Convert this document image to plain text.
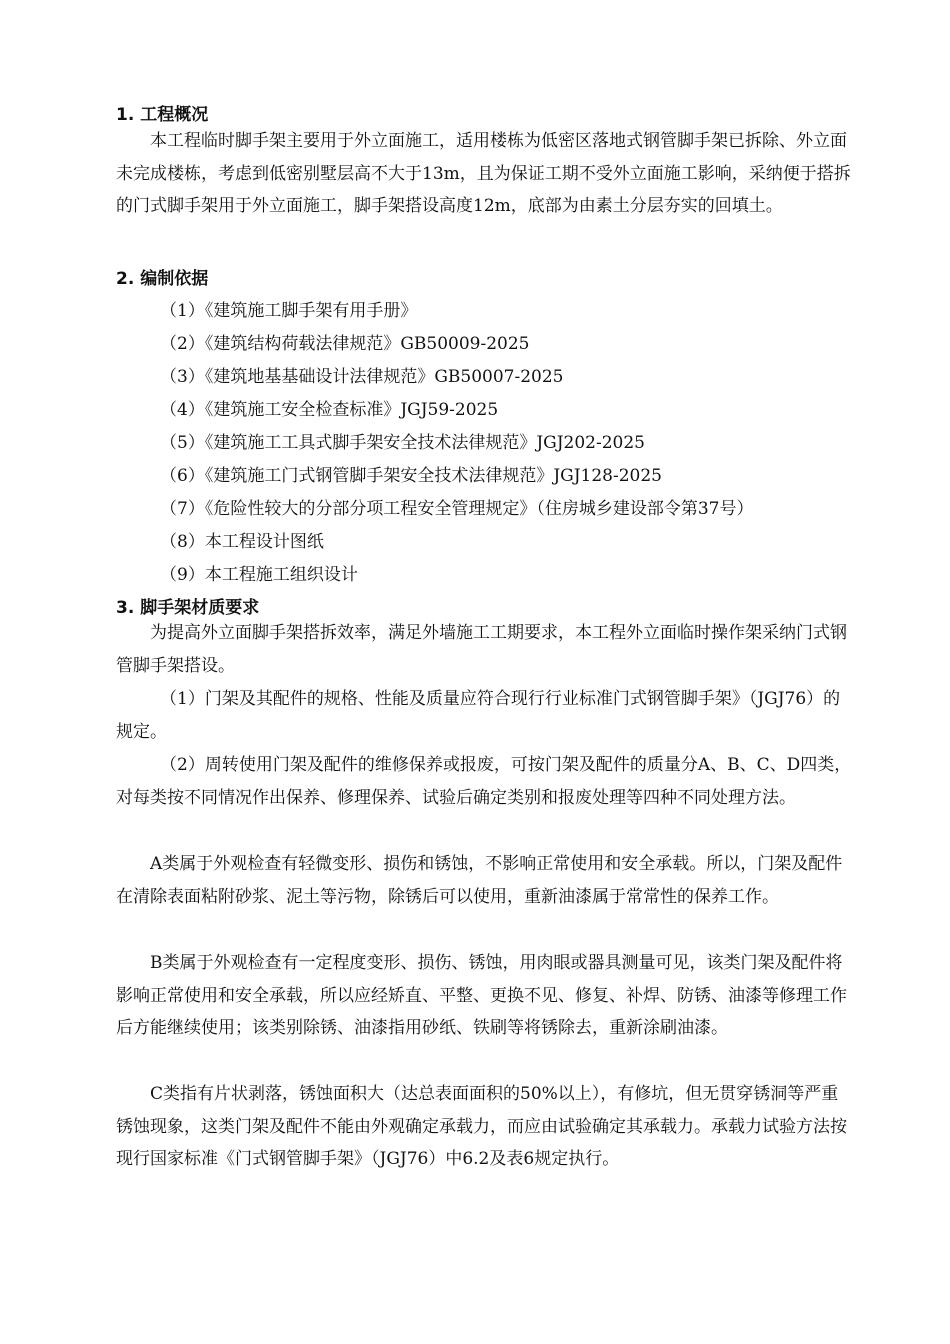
1. 工程概况

本工程临时脚手架主要用于外立面施工，适用楼栋为低密区落地式钢管脚手架已拆除、外立面未完成楼栋，考虑到低密别墅层高不大于13m，且为保证工期不受外立面施工影响，采纳便于搭拆的门式脚手架用于外立面施工，脚手架搭设高度12m，底部为由素土分层夯实的回填土。

2. 编制依据
（1）《建筑施工脚手架有用手册》
（2）《建筑结构荷载法律规范》GB50009-2025
（3）《建筑地基基础设计法律规范》GB50007-2025
（4）《建筑施工安全检查标准》JGJ59-2025
（5）《建筑施工工具式脚手架安全技术法律规范》JGJ202-2025
（6）《建筑施工门式钢管脚手架安全技术法律规范》JGJ128-2025
（7）《危险性较大的分部分项工程安全管理规定》（住房城乡建设部令第37号）
（8）本工程设计图纸
（9）本工程施工组织设计
3. 脚手架材质要求

为提高外立面脚手架搭拆效率，满足外墙施工工期要求，本工程外立面临时操作架采纳门式钢管脚手架搭设。

（1）门架及其配件的规格、性能及质量应符合现行行业标准门式钢管脚手架》（JGJ76）的规定。

（2）周转使用门架及配件的维修保养或报废，可按门架及配件的质量分A、B、C、D四类，对每类按不同情况作出保养、修理保养、试验后确定类别和报废处理等四种不同处理方法。

A类属于外观检查有轻微变形、损伤和锈蚀，不影响正常使用和安全承载。所以，门架及配件在清除表面粘附砂浆、泥土等污物，除锈后可以使用，重新油漆属于常常性的保养工作。

B类属于外观检查有一定程度变形、损伤、锈蚀，用肉眼或器具测量可见，该类门架及配件将影响正常使用和安全承载，所以应经矫直、平整、更换不见、修复、补焊、防锈、油漆等修理工作后方能继续使用；该类别除锈、油漆指用砂纸、铁刷等将锈除去，重新涂刷油漆。

C类指有片状剥落，锈蚀面积大（达总表面面积的50%以上），有修坑，但无贯穿锈洞等严重锈蚀现象，这类门架及配件不能由外观确定承载力，而应由试验确定其承载力。承载力试验方法按现行国家标准《门式钢管脚手架》（JGJ76）中6.2及表6规定执行。
